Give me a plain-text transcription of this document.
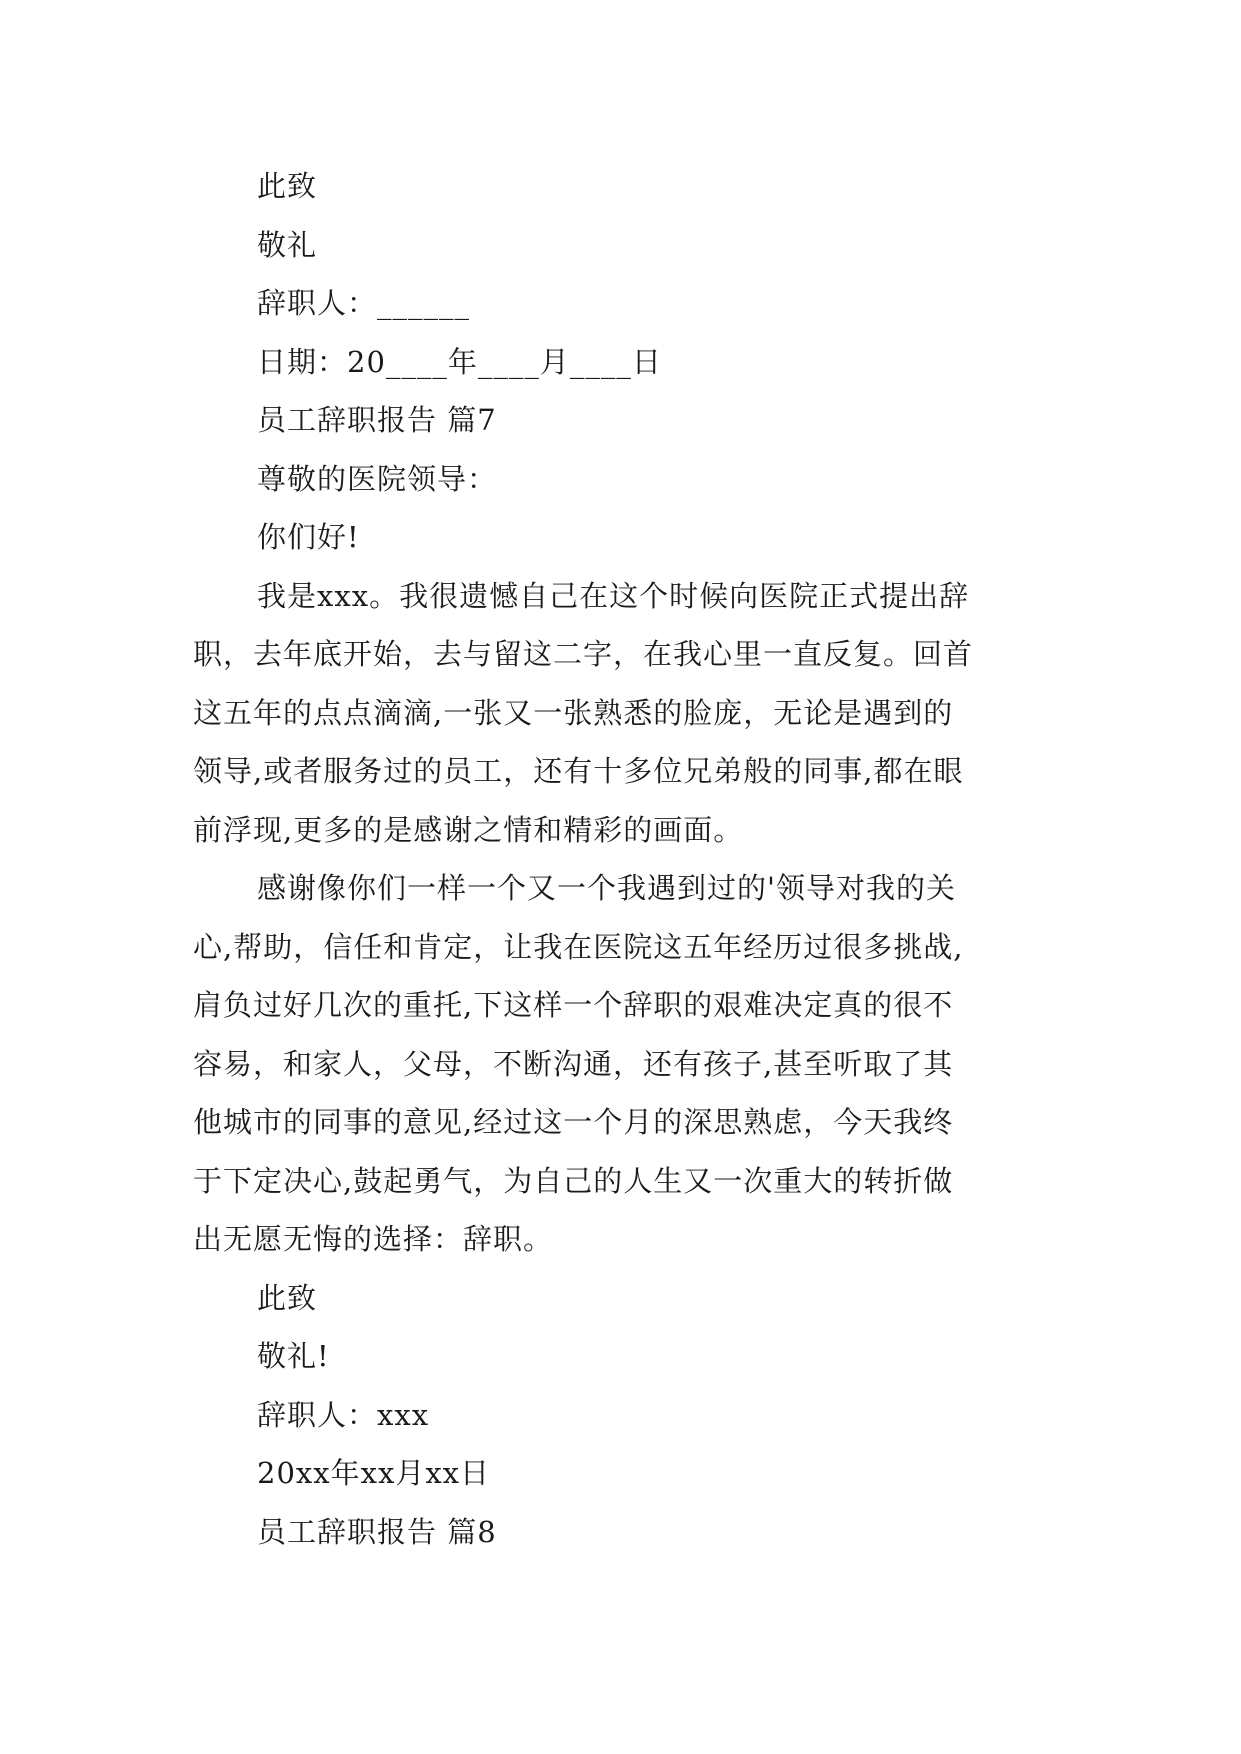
此致
敬礼
辞职人：______
日期：20____年____月____日
员工辞职报告 篇7
尊敬的医院领导：
你们好!
我是xxx。我很遗憾自己在这个时候向医院正式提出辞
职，去年底开始，去与留这二字，在我心里一直反复。回首
这五年的点点滴滴,一张又一张熟悉的脸庞，无论是遇到的
领导,或者服务过的员工，还有十多位兄弟般的同事,都在眼
前浮现,更多的是感谢之情和精彩的画面。
感谢像你们一样一个又一个我遇到过的'领导对我的关
心,帮助，信任和肯定，让我在医院这五年经历过很多挑战,
肩负过好几次的重托,下这样一个辞职的艰难决定真的很不
容易，和家人，父母，不断沟通，还有孩子,甚至听取了其
他城市的同事的意见,经过这一个月的深思熟虑，今天我终
于下定决心,鼓起勇气，为自己的人生又一次重大的转折做
出无愿无悔的选择：辞职。
此致
敬礼!
辞职人：xxx
20xx年xx月xx日
员工辞职报告 篇8
